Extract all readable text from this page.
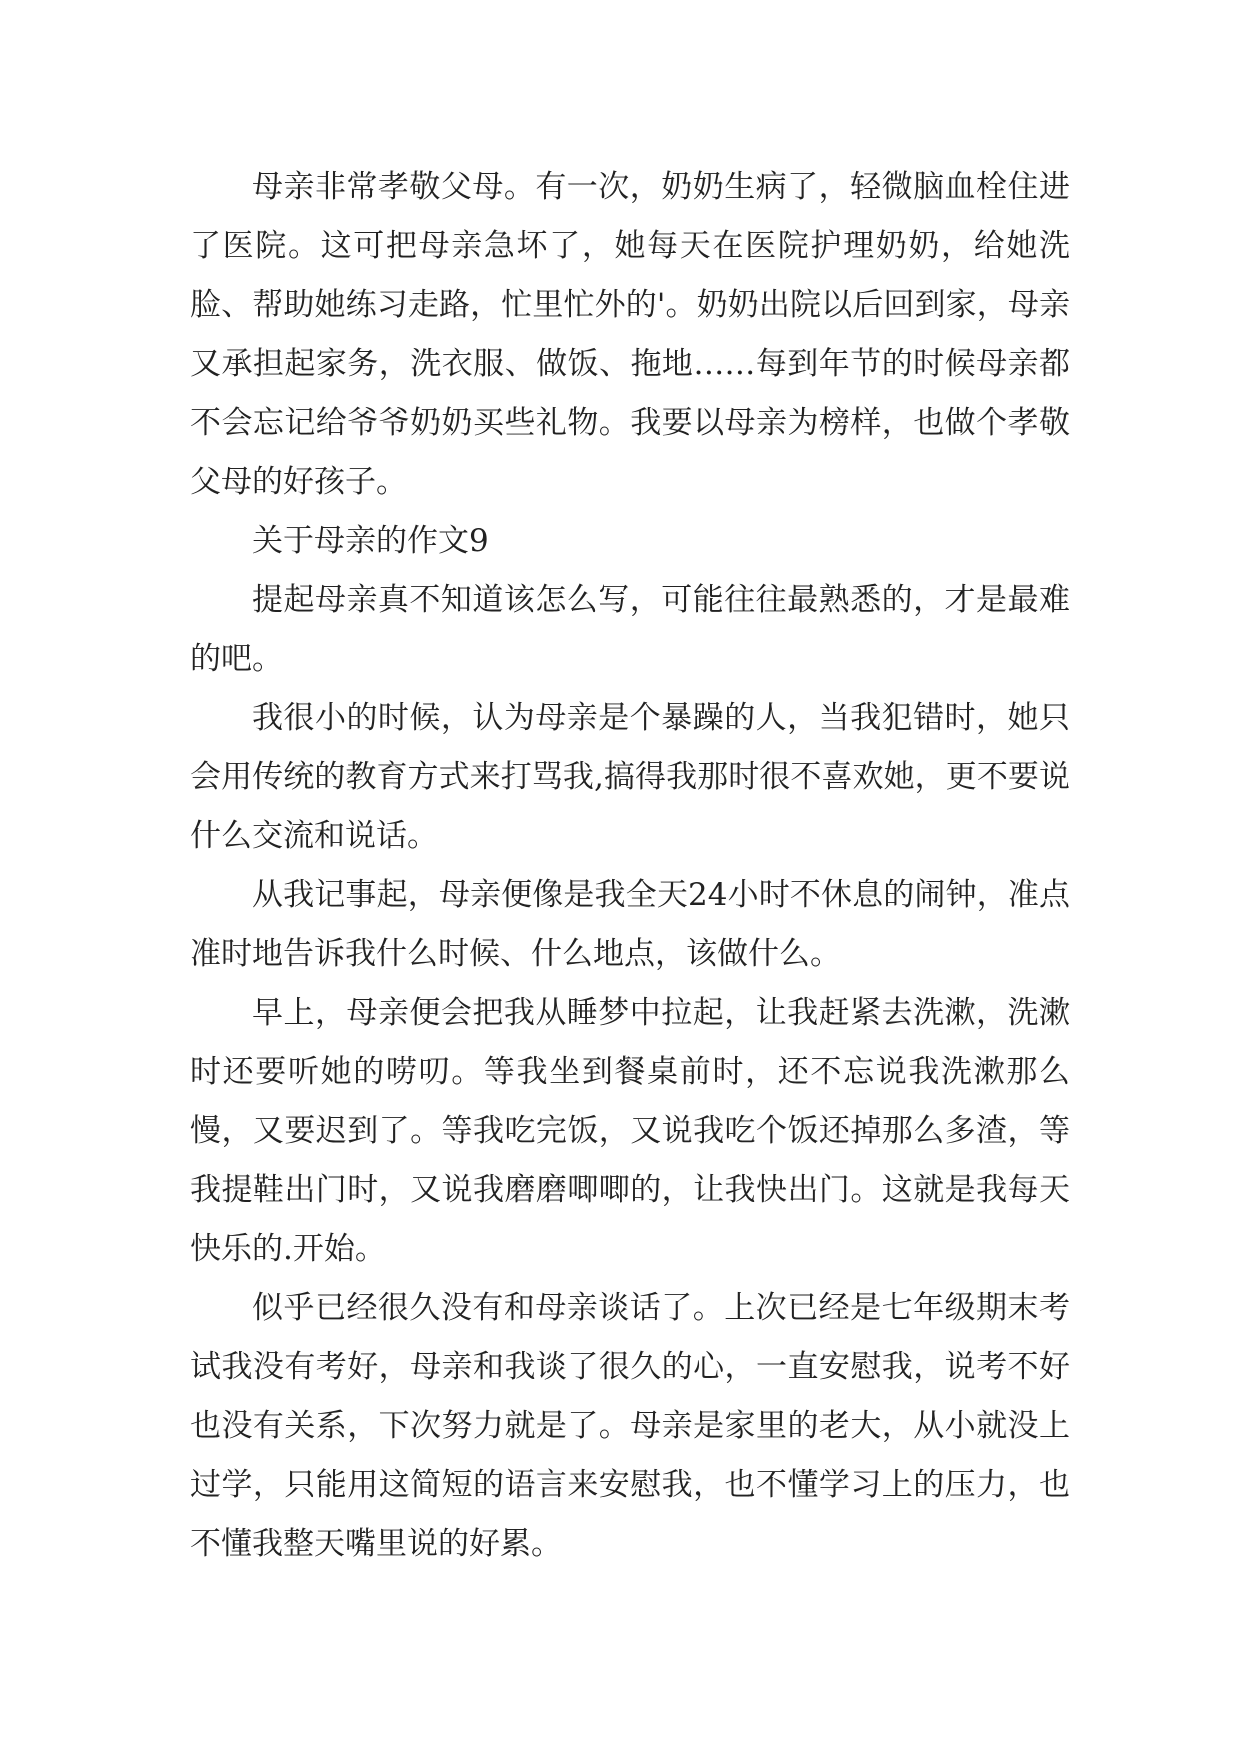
母亲非常孝敬父母。有一次，奶奶生病了，轻微脑血栓住进了医院。这可把母亲急坏了，她每天在医院护理奶奶，给她洗脸、帮助她练习走路，忙里忙外的'。奶奶出院以后回到家，母亲又承担起家务，洗衣服、做饭、拖地……每到年节的时候母亲都不会忘记给爷爷奶奶买些礼物。我要以母亲为榜样，也做个孝敬父母的好孩子。

关于母亲的作文9

提起母亲真不知道该怎么写，可能往往最熟悉的，才是最难的吧。

我很小的时候，认为母亲是个暴躁的人，当我犯错时，她只会用传统的教育方式来打骂我,搞得我那时很不喜欢她，更不要说什么交流和说话。

从我记事起，母亲便像是我全天24小时不休息的闹钟，准点准时地告诉我什么时候、什么地点，该做什么。

早上，母亲便会把我从睡梦中拉起，让我赶紧去洗漱，洗漱时还要听她的唠叨。等我坐到餐桌前时，还不忘说我洗漱那么慢，又要迟到了。等我吃完饭，又说我吃个饭还掉那么多渣，等我提鞋出门时，又说我磨磨唧唧的，让我快出门。这就是我每天快乐的.开始。

似乎已经很久没有和母亲谈话了。上次已经是七年级期末考试我没有考好，母亲和我谈了很久的心，一直安慰我，说考不好也没有关系，下次努力就是了。母亲是家里的老大，从小就没上过学，只能用这简短的语言来安慰我，也不懂学习上的压力，也不懂我整天嘴里说的好累。
